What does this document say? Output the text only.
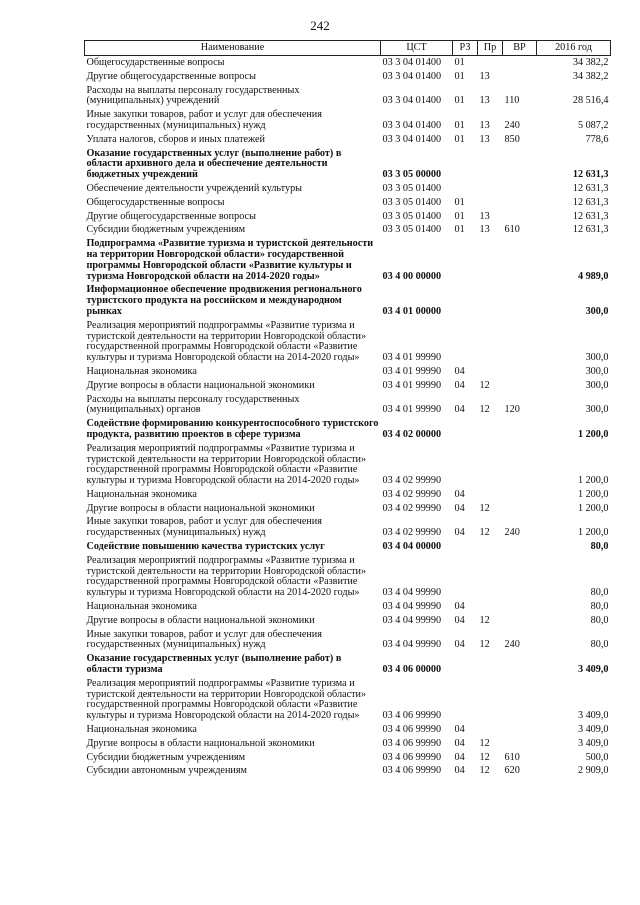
242
Наименование	ЦСТ	РЗ	Пр	ВР	2016 год
Общегосударственные вопросы	03 3 04 01400	01			34 382,2
Другие общегосударственные вопросы	03 3 04 01400	01	13		34 382,2
Расходы на выплаты персоналу государственных (муниципальных) учреждений	03 3 04 01400	01	13	110	28 516,4
Иные закупки товаров, работ и услуг для обеспечения государственных (муниципальных) нужд	03 3 04 01400	01	13	240	5 087,2
Уплата налогов, сборов и иных платежей	03 3 04 01400	01	13	850	778,6
Оказание государственных услуг (выполнение работ) в области архивного дела и обеспечение деятельности бюджетных учреждений	03 3 05 00000				12 631,3
Обеспечение деятельности учреждений культуры	03 3 05 01400				12 631,3
Общегосударственные вопросы	03 3 05 01400	01			12 631,3
Другие общегосударственные вопросы	03 3 05 01400	01	13		12 631,3
Субсидии бюджетным учреждениям	03 3 05 01400	01	13	610	12 631,3
Подпрограмма «Развитие туризма и туристской деятельности на территории Новгородской области» государственной программы Новгородской области «Развитие культуры и туризма Новгородской области на 2014-2020 годы»	03 4 00 00000				4 989,0
Информационное обеспечение продвижения регионального туристского продукта на российском и международном рынках	03 4 01 00000				300,0
Реализация мероприятий подпрограммы «Развитие туризма и туристской деятельности на территории Новгородской области» государственной программы Новгородской области «Развитие культуры и туризма Новгородской области на 2014-2020 годы»	03 4 01 99990				300,0
Национальная экономика	03 4 01 99990	04			300,0
Другие вопросы в области национальной экономики	03 4 01 99990	04	12		300,0
Расходы на выплаты персоналу государственных (муниципальных) органов	03 4 01 99990	04	12	120	300,0
Содействие формированию конкурентоспособного туристского продукта, развитию проектов в сфере туризма	03 4 02 00000				1 200,0
Реализация мероприятий подпрограммы «Развитие туризма и туристской деятельности на территории Новгородской области» государственной программы Новгородской области «Развитие культуры и туризма Новгородской области на 2014-2020 годы»	03 4 02 99990				1 200,0
Национальная экономика	03 4 02 99990	04			1 200,0
Другие вопросы в области национальной экономики	03 4 02 99990	04	12		1 200,0
Иные закупки товаров, работ и услуг для обеспечения государственных (муниципальных) нужд	03 4 02 99990	04	12	240	1 200,0
Содействие повышению качества туристских услуг	03 4 04 00000				80,0
Реализация мероприятий подпрограммы «Развитие туризма и туристской деятельности на территории Новгородской области» государственной программы Новгородской области «Развитие культуры и туризма Новгородской области на 2014-2020 годы»	03 4 04 99990				80,0
Национальная экономика	03 4 04 99990	04			80,0
Другие вопросы в области национальной экономики	03 4 04 99990	04	12		80,0
Иные закупки товаров, работ и услуг для обеспечения государственных (муниципальных) нужд	03 4 04 99990	04	12	240	80,0
Оказание государственных услуг (выполнение работ) в области туризма	03 4 06 00000				3 409,0
Реализация мероприятий подпрограммы «Развитие туризма и туристской деятельности на территории Новгородской области» государственной программы Новгородской области «Развитие культуры и туризма Новгородской области на 2014-2020 годы»	03 4 06 99990				3 409,0
Национальная экономика	03 4 06 99990	04			3 409,0
Другие вопросы в области национальной экономики	03 4 06 99990	04	12		3 409,0
Субсидии бюджетным учреждениям	03 4 06 99990	04	12	610	500,0
Субсидии автономным учреждениям	03 4 06 99990	04	12	620	2 909,0
